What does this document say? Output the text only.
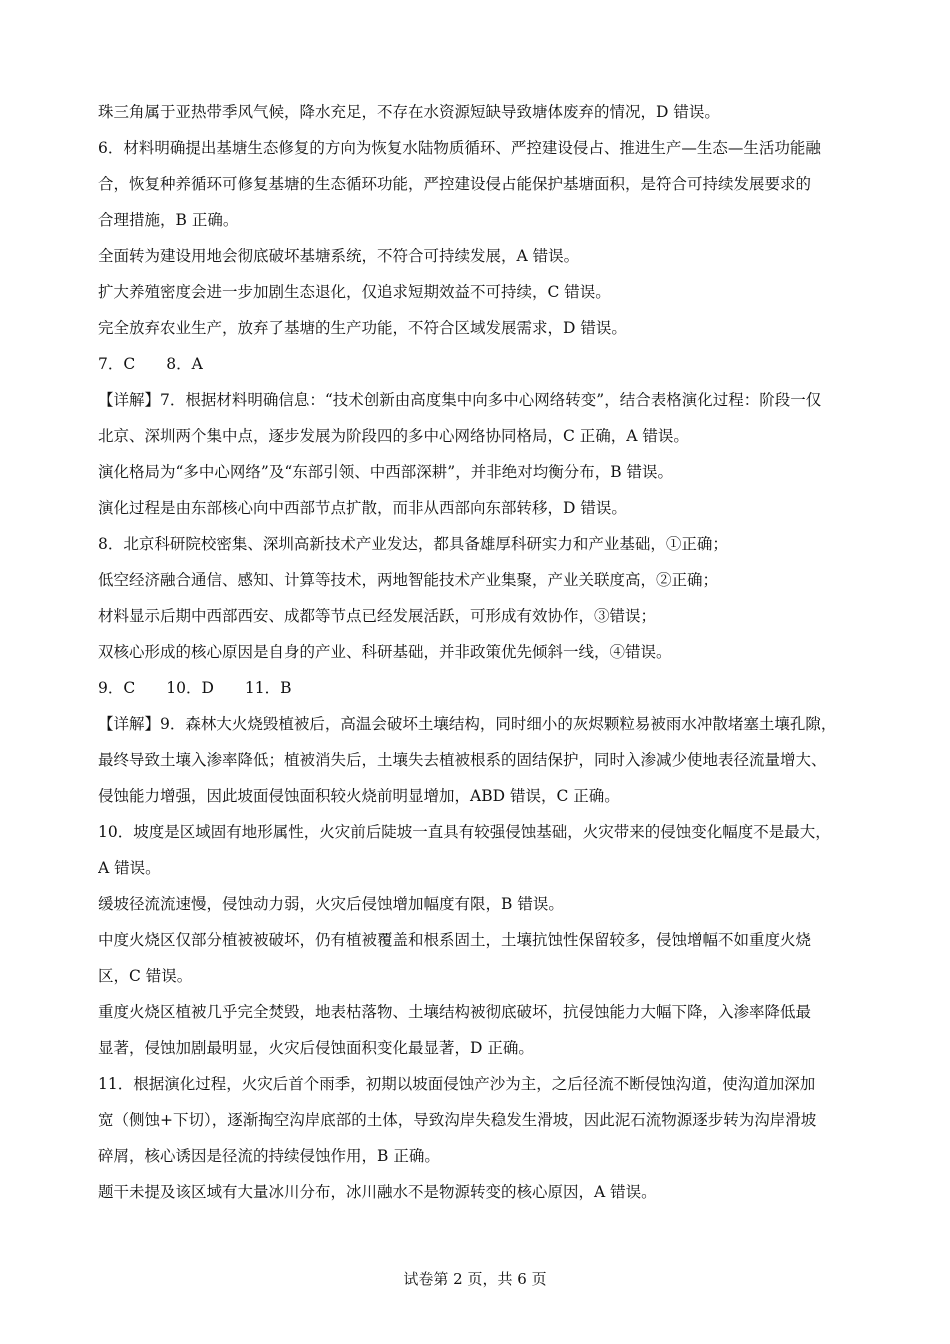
珠三角属于亚热带季风气候，降水充足，不存在水资源短缺导致塘体废弃的情况，D 错误。
6．材料明确提出基塘生态修复的方向为恢复水陆物质循环、严控建设侵占、推进生产—生态—生活功能融
合，恢复种养循环可修复基塘的生态循环功能，严控建设侵占能保护基塘面积，是符合可持续发展要求的
合理措施，B 正确。
全面转为建设用地会彻底破坏基塘系统，不符合可持续发展，A 错误。
扩大养殖密度会进一步加剧生态退化，仅追求短期效益不可持续，C 错误。
完全放弃农业生产，放弃了基塘的生产功能，不符合区域发展需求，D 错误。
7．C　　8．A
【详解】7．根据材料明确信息：“技术创新由高度集中向多中心网络转变”，结合表格演化过程：阶段一仅
北京、深圳两个集中点，逐步发展为阶段四的多中心网络协同格局，C 正确，A 错误。
演化格局为“多中心网络”及“东部引领、中西部深耕”，并非绝对均衡分布，B 错误。
演化过程是由东部核心向中西部节点扩散，而非从西部向东部转移，D 错误。
8．北京科研院校密集、深圳高新技术产业发达，都具备雄厚科研实力和产业基础，①正确；
低空经济融合通信、感知、计算等技术，两地智能技术产业集聚，产业关联度高，②正确；
材料显示后期中西部西安、成都等节点已经发展活跃，可形成有效协作，③错误；
双核心形成的核心原因是自身的产业、科研基础，并非政策优先倾斜一线，④错误。
9．C　　10．D　　11．B
【详解】9．森林大火烧毁植被后，高温会破坏土壤结构，同时细小的灰烬颗粒易被雨水冲散堵塞土壤孔隙，
最终导致土壤入渗率降低；植被消失后，土壤失去植被根系的固结保护，同时入渗减少使地表径流量增大、
侵蚀能力增强，因此坡面侵蚀面积较火烧前明显增加，ABD 错误，C 正确。
10．坡度是区域固有地形属性，火灾前后陡坡一直具有较强侵蚀基础，火灾带来的侵蚀变化幅度不是最大，
A 错误。
缓坡径流流速慢，侵蚀动力弱，火灾后侵蚀增加幅度有限，B 错误。
中度火烧区仅部分植被被破坏，仍有植被覆盖和根系固土，土壤抗蚀性保留较多，侵蚀增幅不如重度火烧
区，C 错误。
重度火烧区植被几乎完全焚毁，地表枯落物、土壤结构被彻底破坏，抗侵蚀能力大幅下降，入渗率降低最
显著，侵蚀加剧最明显，火灾后侵蚀面积变化最显著，D 正确。
11．根据演化过程，火灾后首个雨季，初期以坡面侵蚀产沙为主，之后径流不断侵蚀沟道，使沟道加深加
宽（侧蚀+下切），逐渐掏空沟岸底部的土体，导致沟岸失稳发生滑坡，因此泥石流物源逐步转为沟岸滑坡
碎屑，核心诱因是径流的持续侵蚀作用，B 正确。
题干未提及该区域有大量冰川分布，冰川融水不是物源转变的核心原因，A 错误。
试卷第 2 页，共 6 页
